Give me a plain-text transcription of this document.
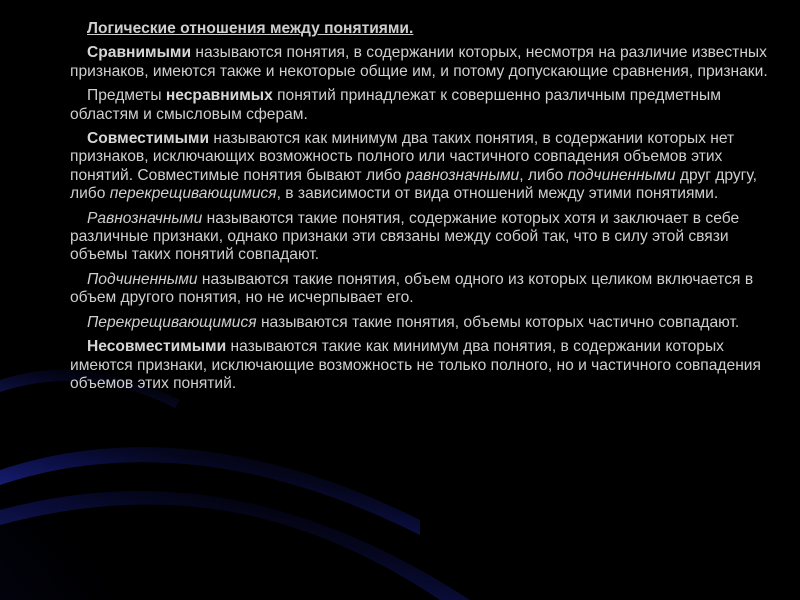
Логические отношения между понятиями.
Сравнимыми называются понятия, в содержании которых, несмотря на различие известных признаков, имеются также и некоторые общие им, и потому допускающие сравнения, признаки.
Предметы несравнимых понятий принадлежат к совершенно различным предметным областям и смысловым сферам.
Совместимыми называются как минимум два таких понятия, в содержании которых нет признаков, исключающих возможность полного или частичного совпадения объемов этих понятий. Совместимые понятия бывают либо равнозначными, либо подчиненными друг другу, либо перекрещивающимися, в зависимости от вида отношений между этими понятиями.
Равнозначными называются такие понятия, содержание которых хотя и заключает в себе различные признаки, однако признаки эти связаны между собой так, что в силу этой связи объемы таких понятий совпадают.
Подчиненными называются такие понятия, объем одного из которых целиком включается в объем другого понятия, но не исчерпывает его.
Перекрещивающимися называются такие понятия, объемы которых частично совпадают.
Несовместимыми называются такие как минимум два понятия, в содержании которых имеются признаки, исключающие возможность не только полного, но и частичного совпадения объемов этих понятий.
